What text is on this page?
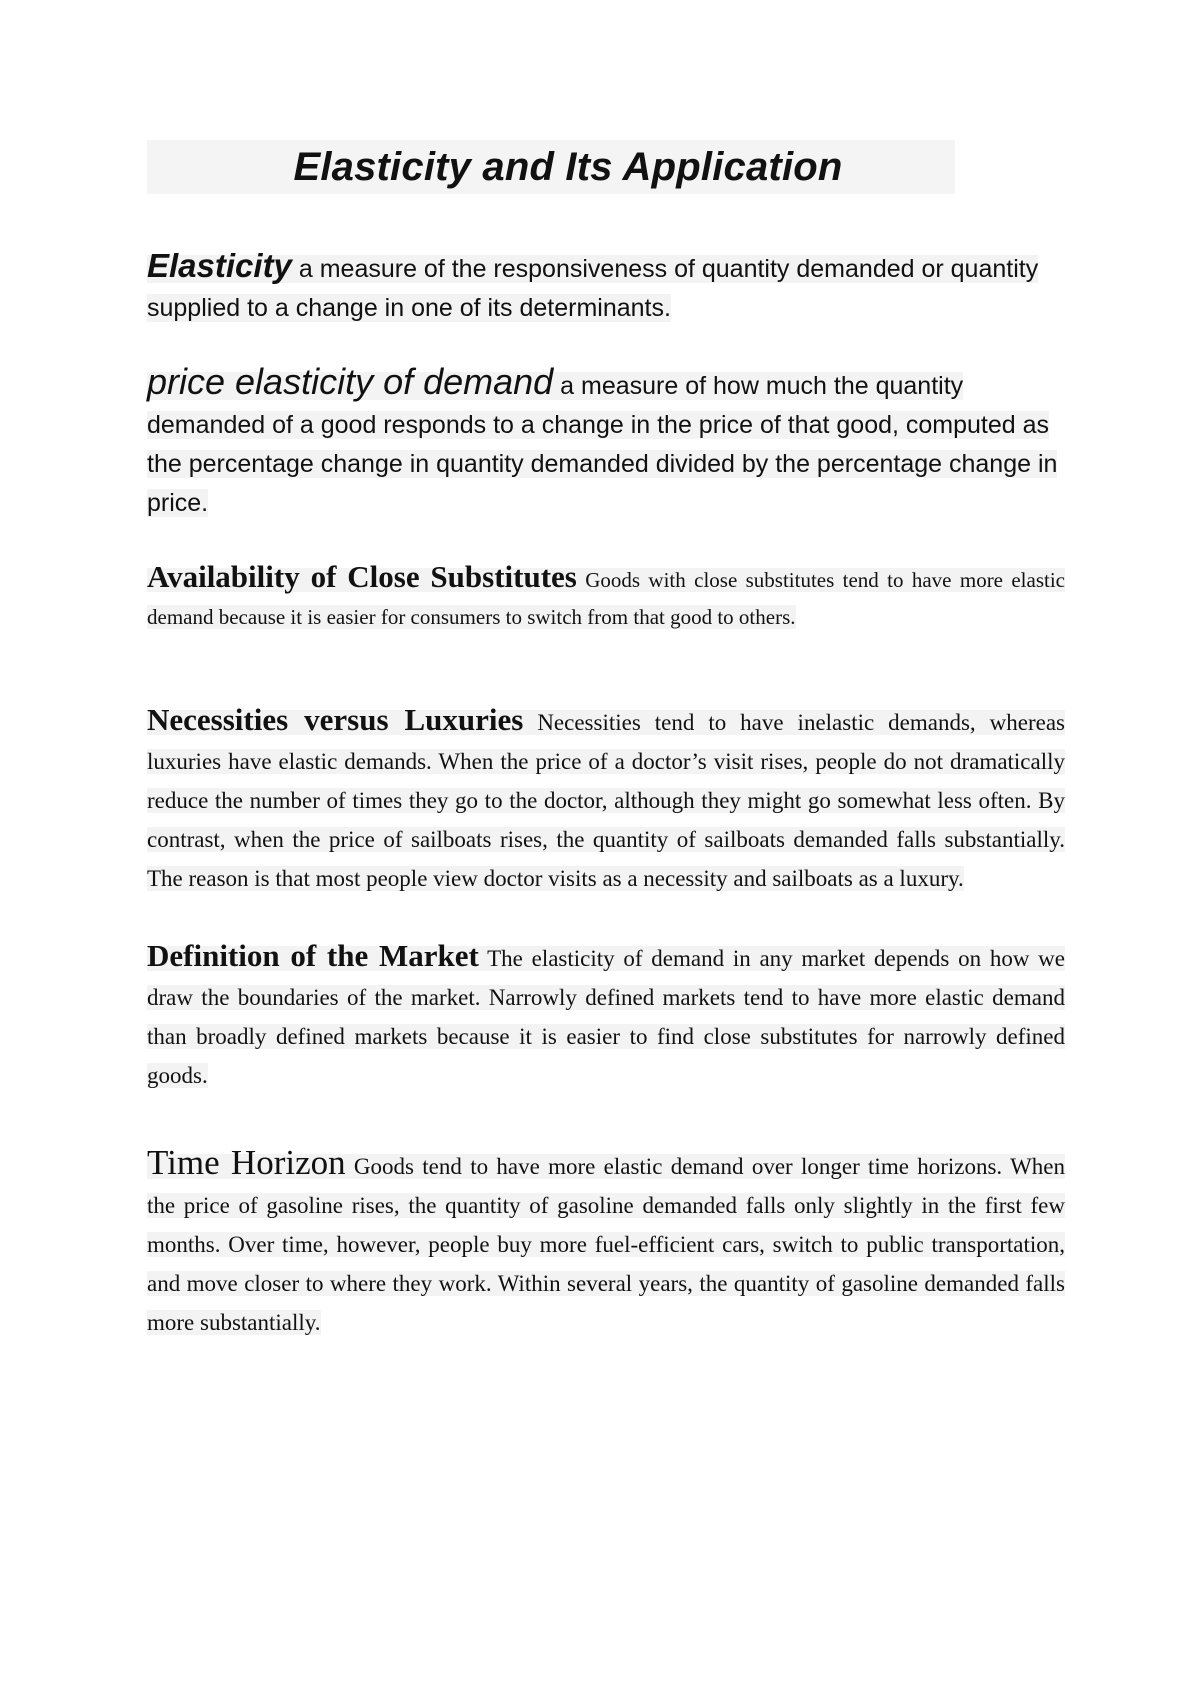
Elasticity and Its Application

Elasticity a measure of the responsiveness of quantity demanded or quantity supplied to a change in one of its determinants.

price elasticity of demand a measure of how much the quantity demanded of a good responds to a change in the price of that good, computed as the percentage change in quantity demanded divided by the percentage change in price.

Availability of Close Substitutes Goods with close substitutes tend to have more elastic demand because it is easier for consumers to switch from that good to others.

Necessities versus Luxuries Necessities tend to have inelastic demands, whereas luxuries have elastic demands. When the price of a doctor’s visit rises, people do not dramatically reduce the number of times they go to the doctor, although they might go somewhat less often. By contrast, when the price of sailboats rises, the quantity of sailboats demanded falls substantially. The reason is that most people view doctor visits as a necessity and sailboats as a luxury.

Definition of the Market The elasticity of demand in any market depends on how we draw the boundaries of the market. Narrowly defined markets tend to have more elastic demand than broadly defined markets because it is easier to find close substitutes for narrowly defined goods.

Time Horizon Goods tend to have more elastic demand over longer time horizons. When the price of gasoline rises, the quantity of gasoline demanded falls only slightly in the first few months. Over time, however, people buy more fuel-efficient cars, switch to public transportation, and move closer to where they work. Within several years, the quantity of gasoline demanded falls more substantially.
